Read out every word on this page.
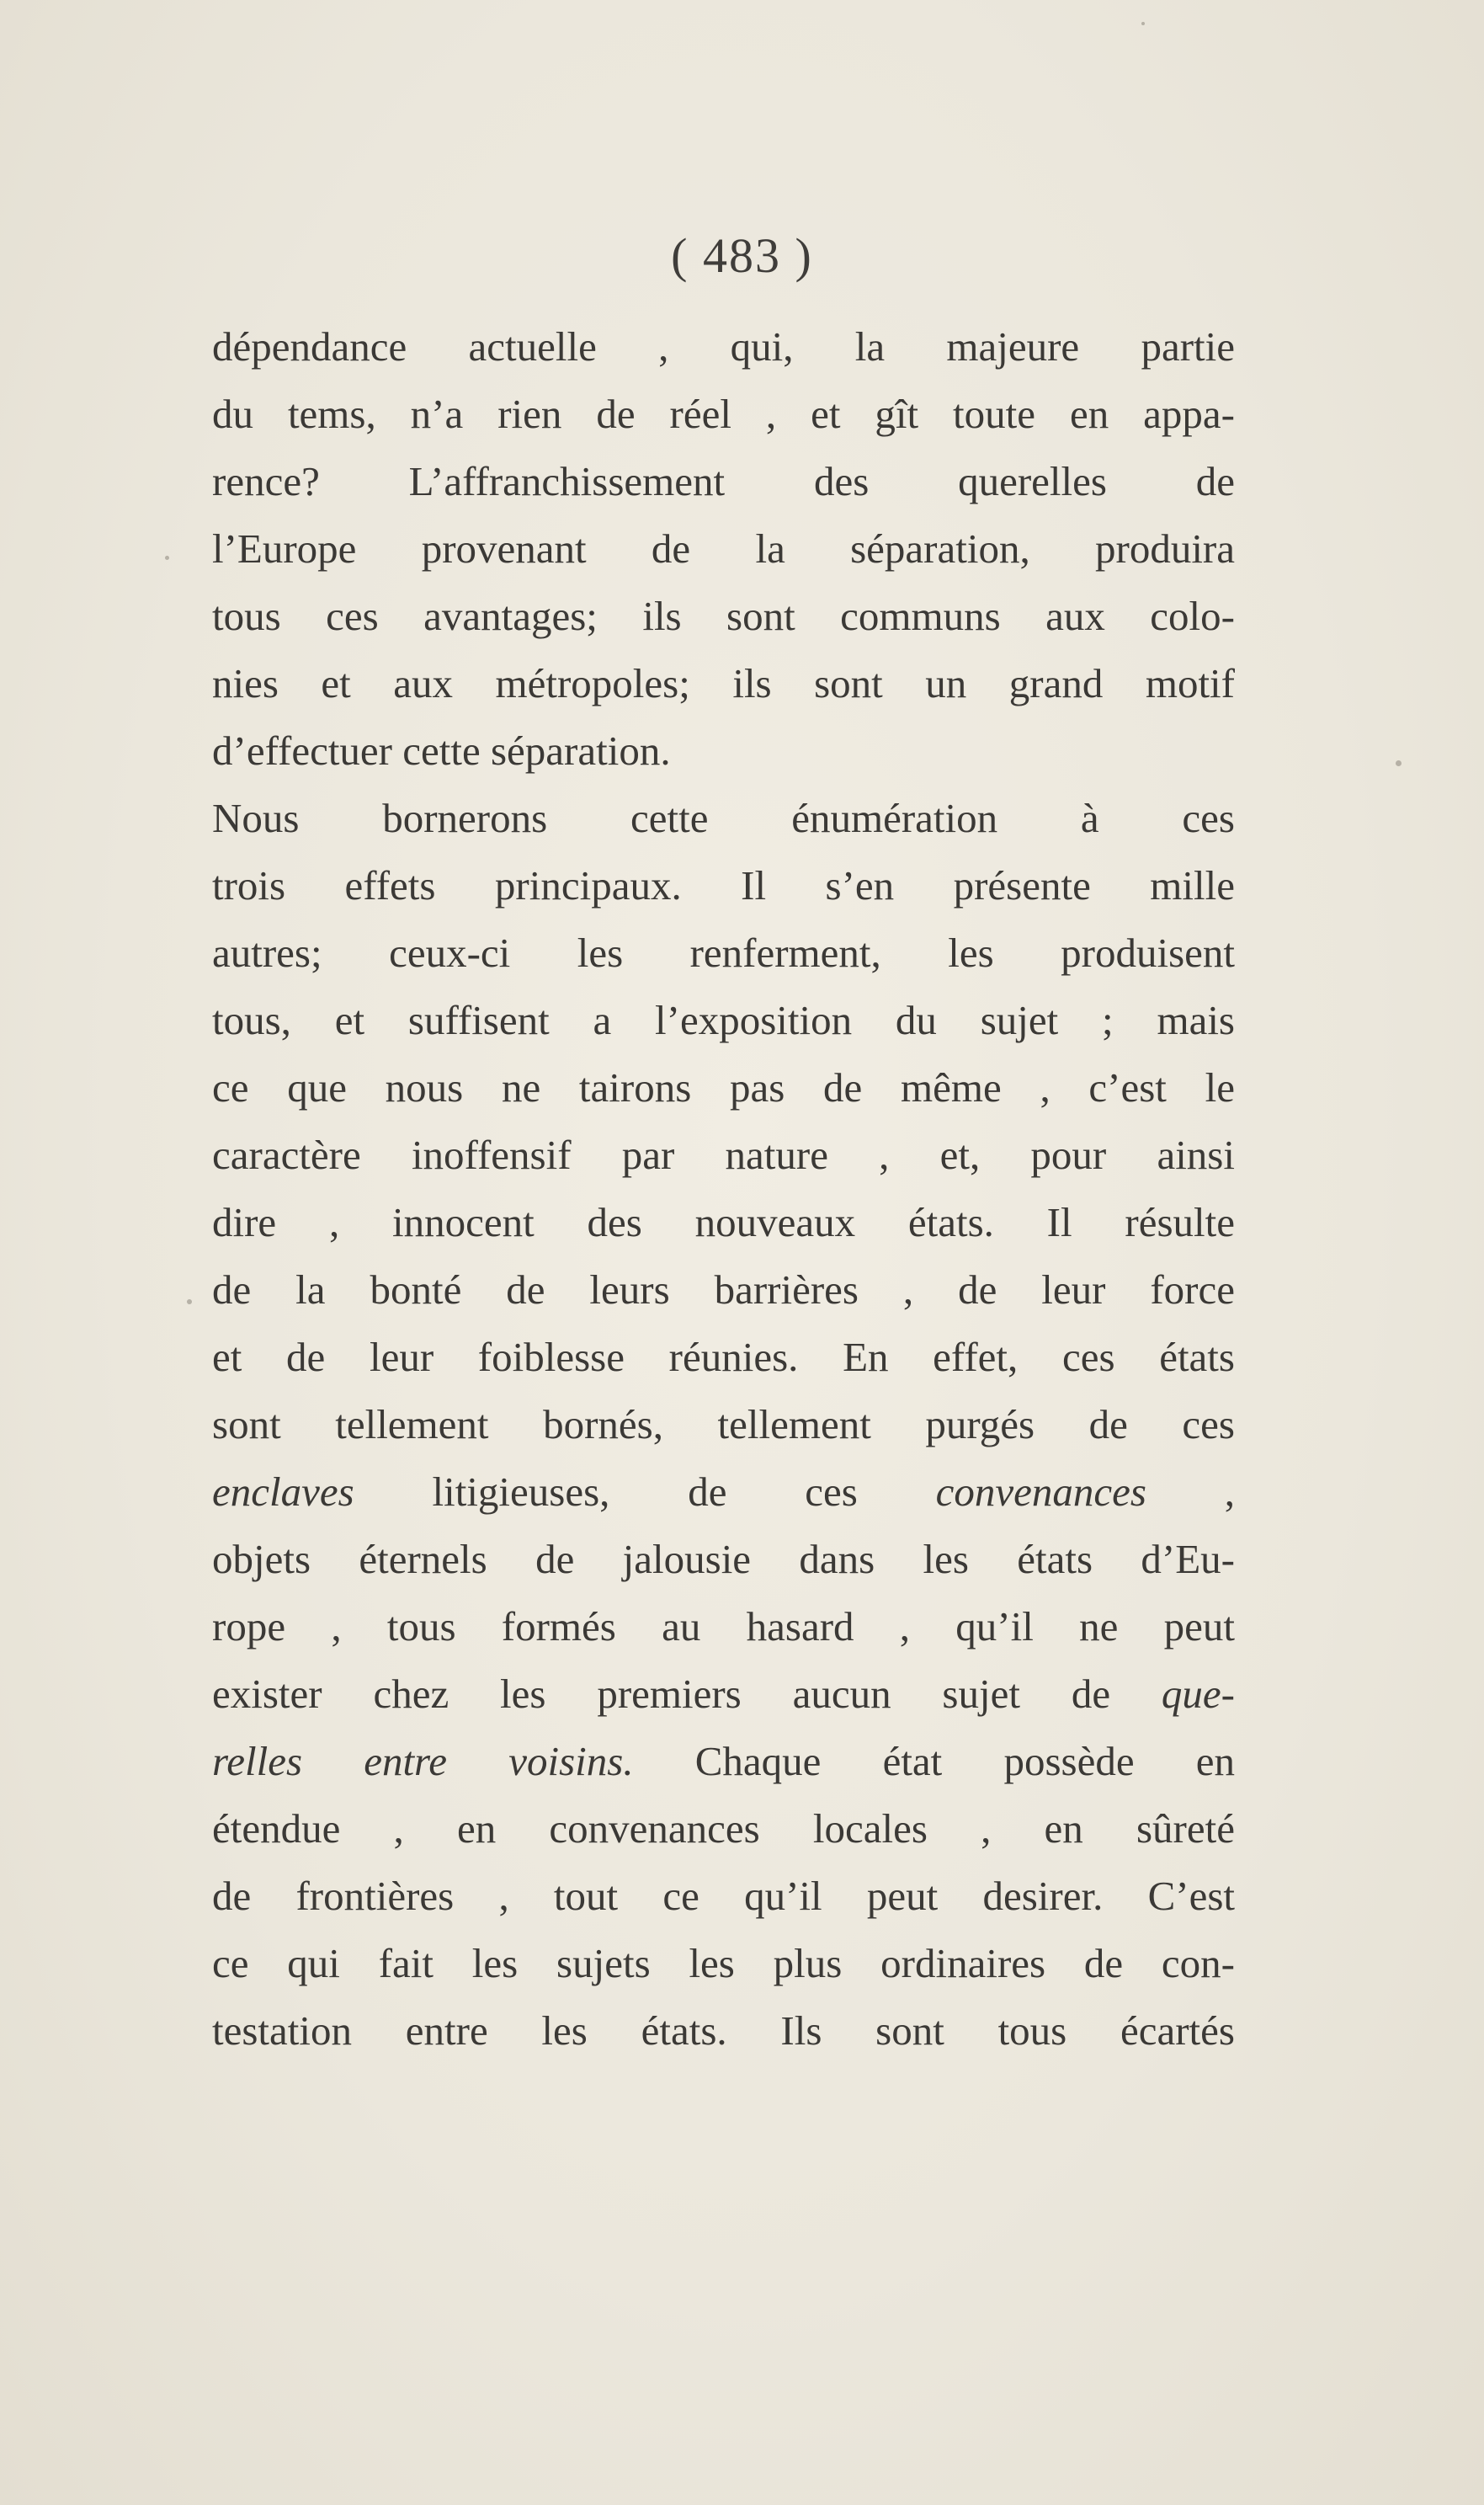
( 483 )
dépendance actuelle , qui, la majeure partie
du tems, n’a rien de réel , et gît toute en appa-
rence? L’affranchissement des querelles de
l’Europe provenant de la séparation, produira
tous ces avantages; ils sont communs aux colo-
nies et aux métropoles; ils sont un grand motif
d’effectuer cette séparation.
Nous bornerons cette énumération à ces
trois effets principaux. Il s’en présente mille
autres; ceux-ci les renferment, les produisent
tous, et suffisent a l’exposition du sujet ; mais
ce que nous ne tairons pas de même , c’est le
caractère inoffensif par nature , et, pour ainsi
dire , innocent des nouveaux états. Il résulte
de la bonté de leurs barrières , de leur force
et de leur foiblesse réunies. En effet, ces états
sont tellement bornés, tellement purgés de ces
enclaves litigieuses, de ces convenances ,
objets éternels de jalousie dans les états d’Eu-
rope , tous formés au hasard , qu’il ne peut
exister chez les premiers aucun sujet de que-
relles entre voisins. Chaque état possède en
étendue , en convenances locales , en sûreté
de frontières , tout ce qu’il peut desirer. C’est
ce qui fait les sujets les plus ordinaires de con-
testation entre les états. Ils sont tous écartés
